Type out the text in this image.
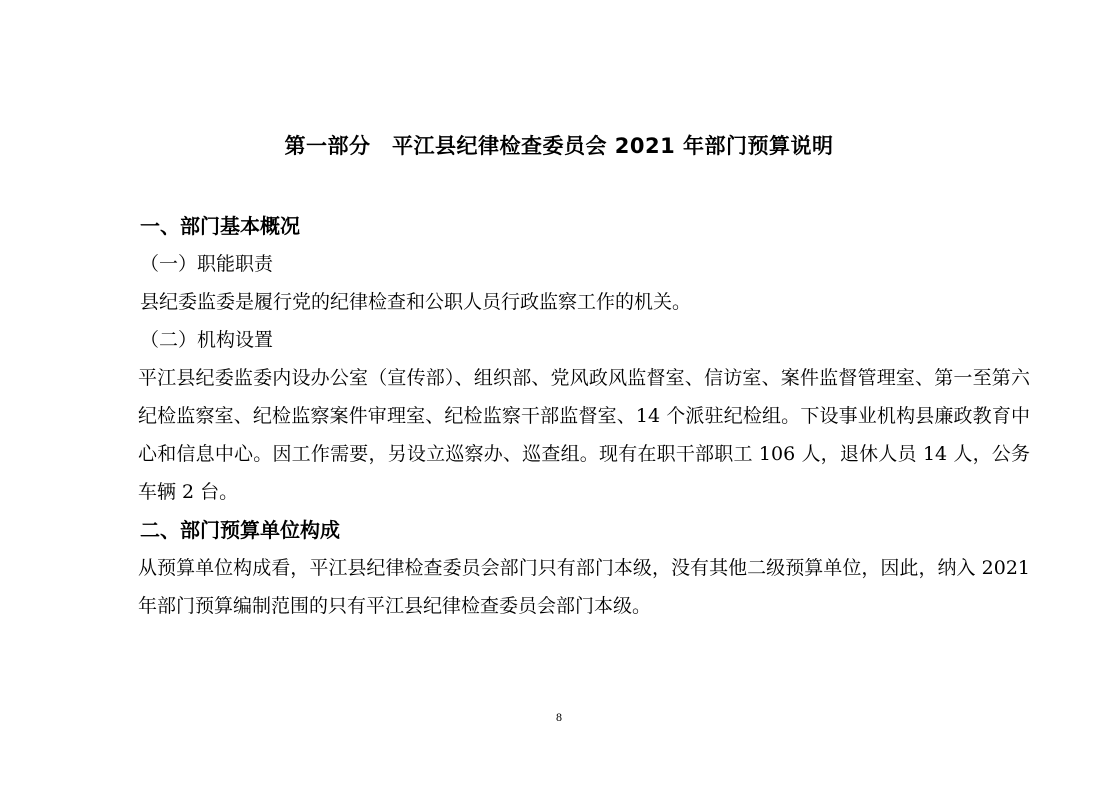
第一部分　平江县纪律检查委员会 2021 年部门预算说明
一、部门基本概况
（一）职能职责
县纪委监委是履行党的纪律检查和公职人员行政监察工作的机关。
（二）机构设置
平江县纪委监委内设办公室（宣传部）、组织部、党风政风监督室、信访室、案件监督管理室、第一至第六纪检监察室、纪检监察案件审理室、纪检监察干部监督室、14 个派驻纪检组。下设事业机构县廉政教育中心和信息中心。因工作需要，另设立巡察办、巡查组。现有在职干部职工 106 人，退休人员 14 人，公务车辆 2 台。
二、部门预算单位构成
从预算单位构成看，平江县纪律检查委员会部门只有部门本级，没有其他二级预算单位，因此，纳入 2021 年部门预算编制范围的只有平江县纪律检查委员会部门本级。
8
